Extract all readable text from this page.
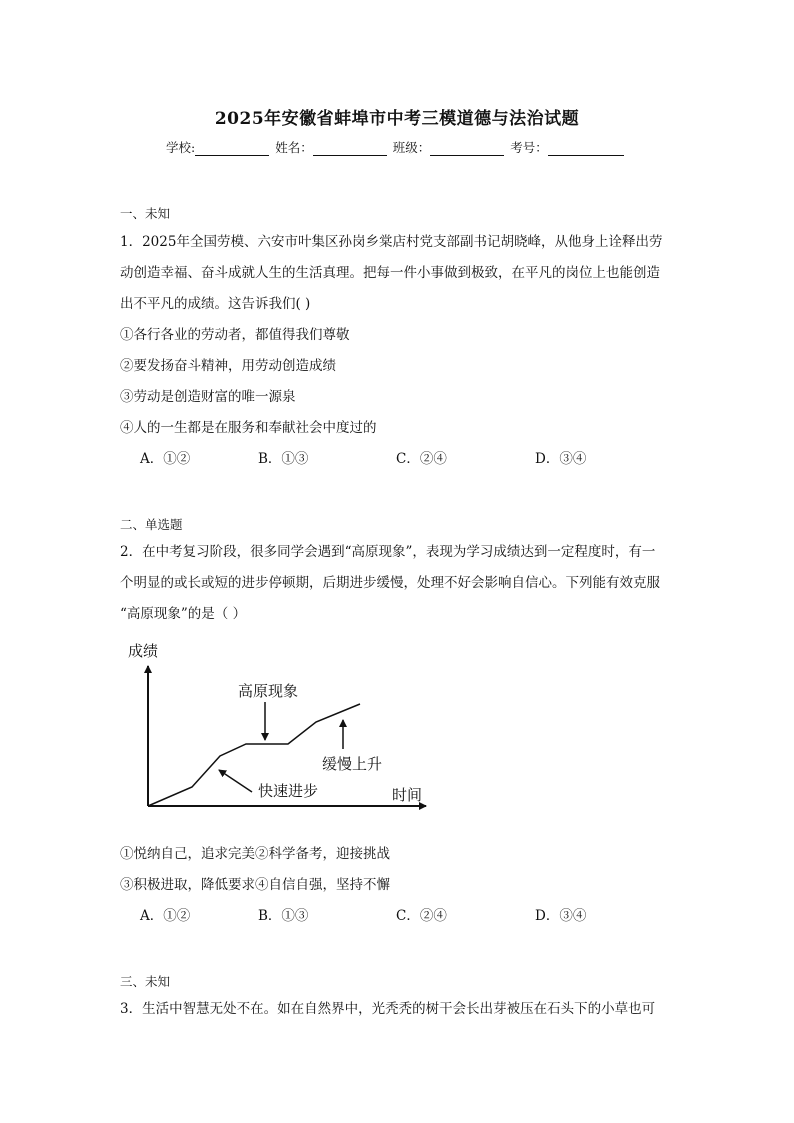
2025年安徽省蚌埠市中考三模道德与法治试题
学校:	姓名：	班级：	考号：
一、未知
1．2025年全国劳模、六安市叶集区孙岗乡棠店村党支部副书记胡晓峰，从他身上诠释出劳
动创造幸福、奋斗成就人生的生活真理。把每一件小事做到极致，在平凡的岗位上也能创造
出不平凡的成绩。这告诉我们( )
①各行各业的劳动者，都值得我们尊敬
②要发扬奋斗精神，用劳动创造成绩
③劳动是创造财富的唯一源泉
④人的一生都是在服务和奉献社会中度过的
A．①②	B．①③	C．②④	D．③④
二、单选题
2．在中考复习阶段，很多同学会遇到“高原现象”，表现为学习成绩达到一定程度时，有一
个明显的或长或短的进步停顿期，后期进步缓慢，处理不好会影响自信心。下列能有效克服
“高原现象”的是（ ）
成绩
时间
高原现象
快速进步
缓慢上升
①悦纳自己，追求完美②科学备考，迎接挑战
③积极进取，降低要求④自信自强，坚持不懈
A．①②	B．①③	C．②④	D．③④
三、未知
3．生活中智慧无处不在。如在自然界中，光秃秃的树干会长出芽被压在石头下的小草也可
